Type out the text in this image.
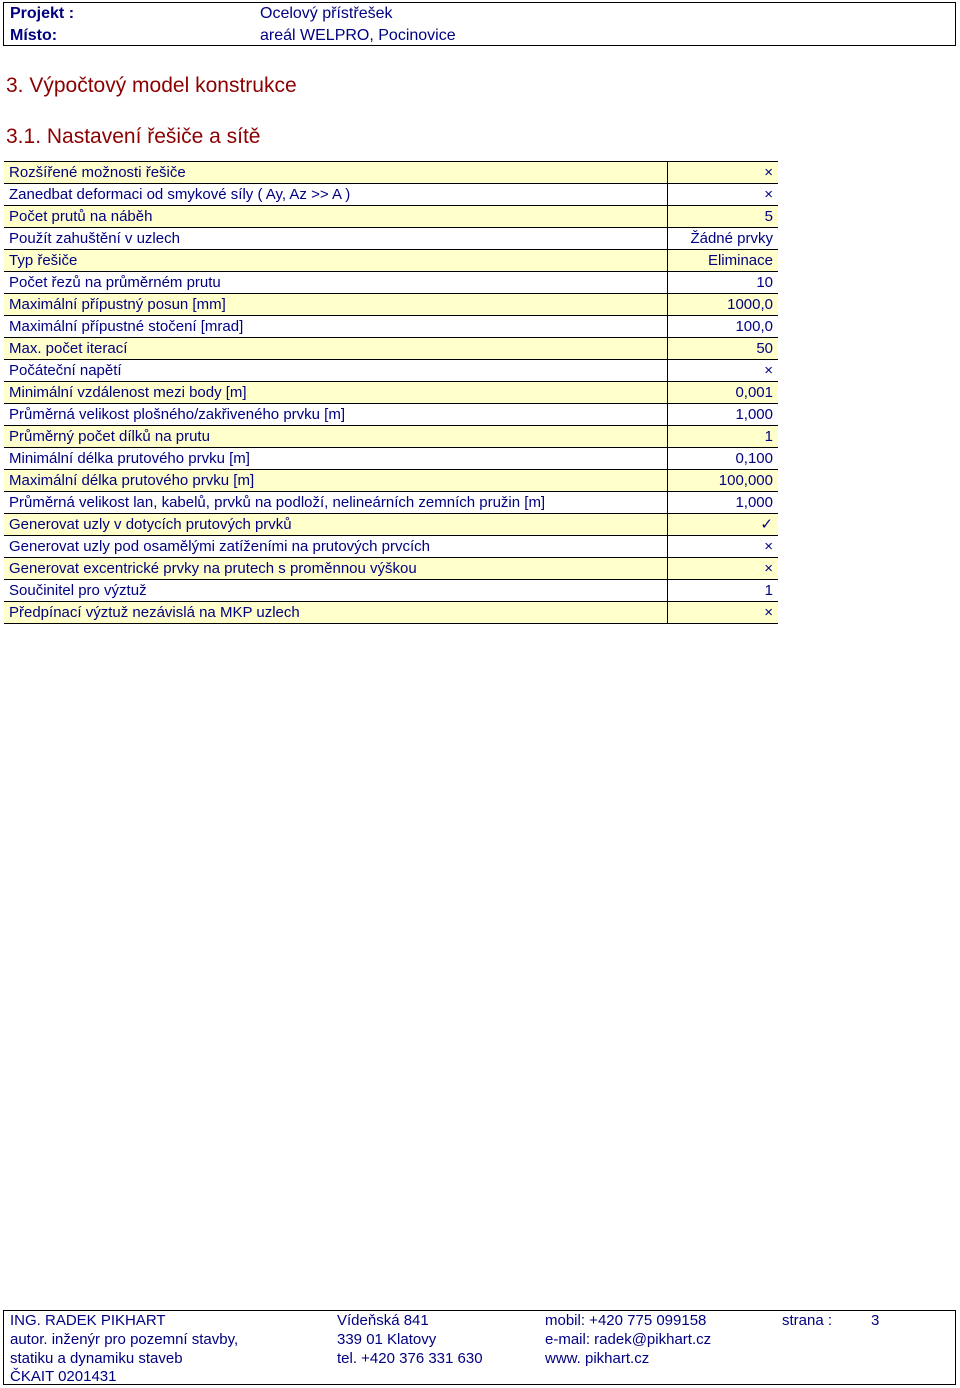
Projekt :	Ocelový přístřešek
Místo:	areál WELPRO, Pocinovice
3. Výpočtový model konstrukce
3.1. Nastavení řešiče a sítě
Rozšířené možnosti řešiče	×
Zanedbat deformaci od smykové síly ( Ay, Az >> A )	×
Počet prutů na náběh	5
Použít zahuštění v uzlech	Žádné prvky
Typ řešiče	Eliminace
Počet řezů na průměrném prutu	10
Maximální přípustný posun [mm]	1000,0
Maximální přípustné stočení [mrad]	100,0
Max. počet iterací	50
Počáteční napětí	×
Minimální vzdálenost mezi body [m]	0,001
Průměrná velikost plošného/zakřiveného prvku [m]	1,000
Průměrný počet dílků na prutu	1
Minimální délka prutového prvku [m]	0,100
Maximální délka prutového prvku [m]	100,000
Průměrná velikost lan, kabelů, prvků na podloží, nelineárních zemních pružin [m]	1,000
Generovat uzly v dotycích prutových prvků	✓
Generovat uzly pod osamělými zatíženími na prutových prvcích	×
Generovat excentrické prvky na prutech s proměnnou výškou	×
Součinitel pro výztuž	1
Předpínací výztuž nezávislá na MKP uzlech	×
ING. RADEK PIKHART
autor. inženýr pro pozemní stavby,
statiku a dynamiku staveb
ČKAIT 0201431
Vídeňská 841
339 01 Klatovy
tel. +420 376 331 630
mobil: +420 775 099158
e-mail: radek@pikhart.cz
www. pikhart.cz
strana :	3
